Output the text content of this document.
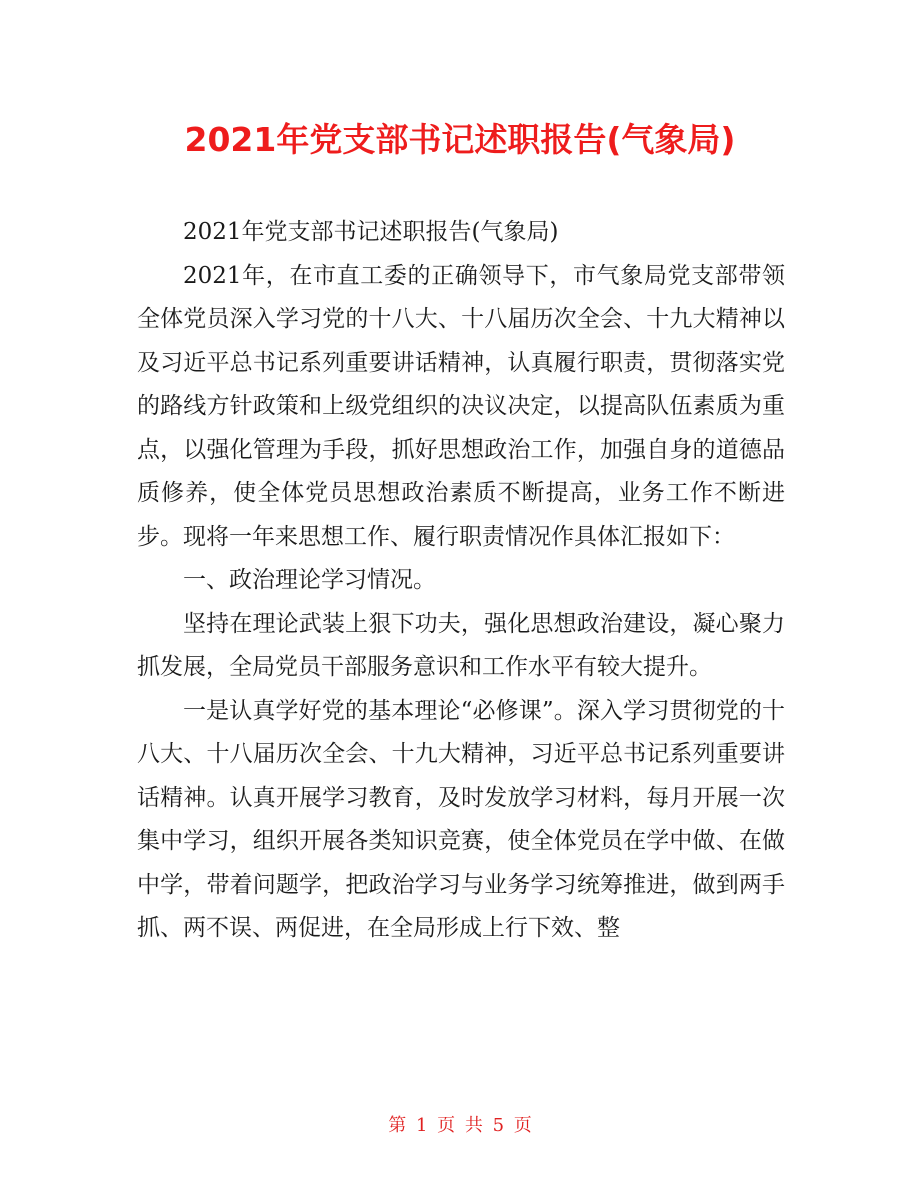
2021年党支部书记述职报告(气象局)

2021年党支部书记述职报告(气象局)

2021年，在市直工委的正确领导下，市气象局党支部带领全体党员深入学习党的十八大、十八届历次全会、十九大精神以及习近平总书记系列重要讲话精神，认真履行职责，贯彻落实党的路线方针政策和上级党组织的决议决定，以提高队伍素质为重点，以强化管理为手段，抓好思想政治工作，加强自身的道德品质修养，使全体党员思想政治素质不断提高，业务工作不断进步。现将一年来思想工作、履行职责情况作具体汇报如下：

一、政治理论学习情况。

坚持在理论武装上狠下功夫，强化思想政治建设，凝心聚力抓发展，全局党员干部服务意识和工作水平有较大提升。

一是认真学好党的基本理论“必修课”。深入学习贯彻党的十八大、十八届历次全会、十九大精神，习近平总书记系列重要讲话精神。认真开展学习教育，及时发放学习材料，每月开展一次集中学习，组织开展各类知识竞赛，使全体党员在学中做、在做中学，带着问题学，把政治学习与业务学习统筹推进，做到两手抓、两不误、两促进，在全局形成上行下效、整

第 1 页 共 5 页
